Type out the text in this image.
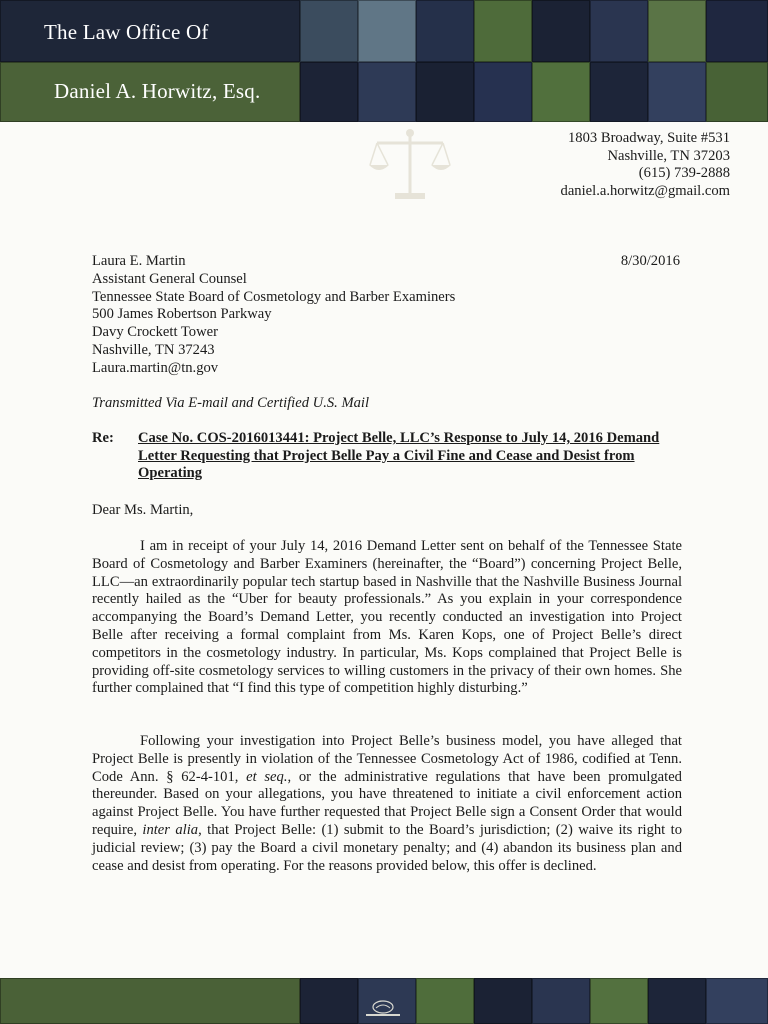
The Law Office Of
Daniel A. Horwitz, Esq.
1803 Broadway, Suite #531
Nashville, TN 37203
(615) 739-2888
daniel.a.horwitz@gmail.com
Laura E. Martin
Assistant General Counsel
Tennessee State Board of Cosmetology and Barber Examiners
500 James Robertson Parkway
Davy Crockett Tower
Nashville, TN 37243
Laura.martin@tn.gov
8/30/2016
Transmitted Via E-mail and Certified U.S. Mail
Re: Case No. COS-2016013441: Project Belle, LLC’s Response to July 14, 2016 Demand Letter Requesting that Project Belle Pay a Civil Fine and Cease and Desist from Operating
Dear Ms. Martin,

I am in receipt of your July 14, 2016 Demand Letter sent on behalf of the Tennessee State Board of Cosmetology and Barber Examiners (hereinafter, the “Board”) concerning Project Belle, LLC—an extraordinarily popular tech startup based in Nashville that the Nashville Business Journal recently hailed as the “Uber for beauty professionals.” As you explain in your correspondence accompanying the Board’s Demand Letter, you recently conducted an investigation into Project Belle after receiving a formal complaint from Ms. Karen Kops, one of Project Belle’s direct competitors in the cosmetology industry. In particular, Ms. Kops complained that Project Belle is providing off-site cosmetology services to willing customers in the privacy of their own homes. She further complained that “I find this type of competition highly disturbing.”

Following your investigation into Project Belle’s business model, you have alleged that Project Belle is presently in violation of the Tennessee Cosmetology Act of 1986, codified at Tenn. Code Ann. § 62-4-101, et seq., or the administrative regulations that have been promulgated thereunder. Based on your allegations, you have threatened to initiate a civil enforcement action against Project Belle. You have further requested that Project Belle sign a Consent Order that would require, inter alia, that Project Belle: (1) submit to the Board’s jurisdiction; (2) waive its right to judicial review; (3) pay the Board a civil monetary penalty; and (4) abandon its business plan and cease and desist from operating. For the reasons provided below, this offer is declined.
